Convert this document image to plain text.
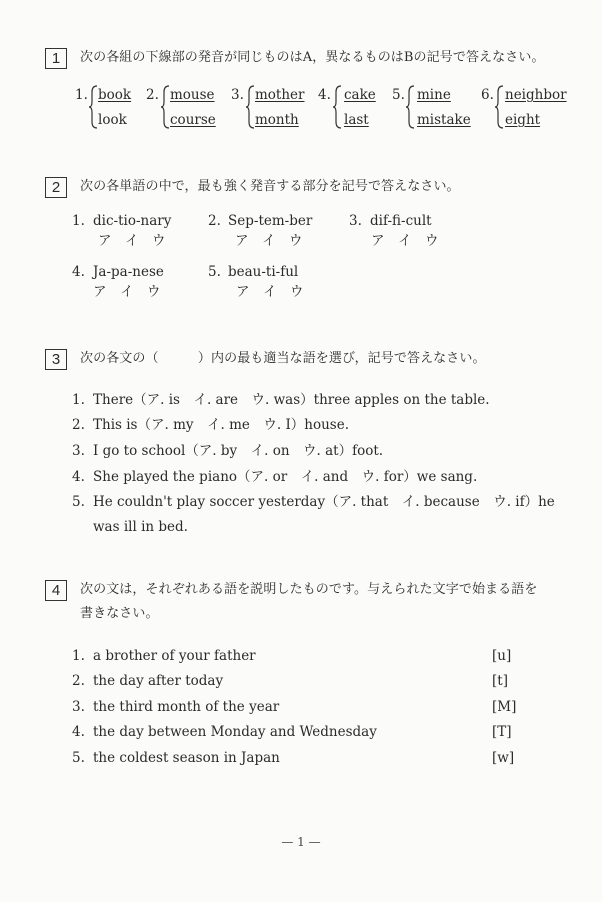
1	次の各組の下線部の発音が同じものはA，異なるものはBの記号で答えなさい。
1. book
look
2. mouse
course
3. mother
month
4. cake
last
5. mine
mistake
6. neighbor
eight
2	次の各単語の中で，最も強く発音する部分を記号で答えなさい。
1. dic-tio-nary
ア　イ　ウ
2. Sep-tem-ber
ア　イ　ウ
3. dif-fi-cult
ア　イ　ウ
4. Ja-pa-nese
ア　イ　ウ
5. beau-ti-ful
ア　イ　ウ
3	次の各文の（　　　）内の最も適当な語を選び，記号で答えなさい。
1. There（ア. is　イ. are　ウ. was）three apples on the table.
2. This is（ア. my　イ. me　ウ. I）house.
3. I go to school（ア. by　イ. on　ウ. at）foot.
4. She played the piano（ア. or　イ. and　ウ. for）we sang.
5. He couldn't play soccer yesterday（ア. that　イ. because　ウ. if）he
was ill in bed.
4	次の文は，それぞれある語を説明したものです。与えられた文字で始まる語を
書きなさい。
1. a brother of your father	[u]
2. the day after today	[t]
3. the third month of the year	[M]
4. the day between Monday and Wednesday	[T]
5. the coldest season in Japan	[w]
— 1 —
